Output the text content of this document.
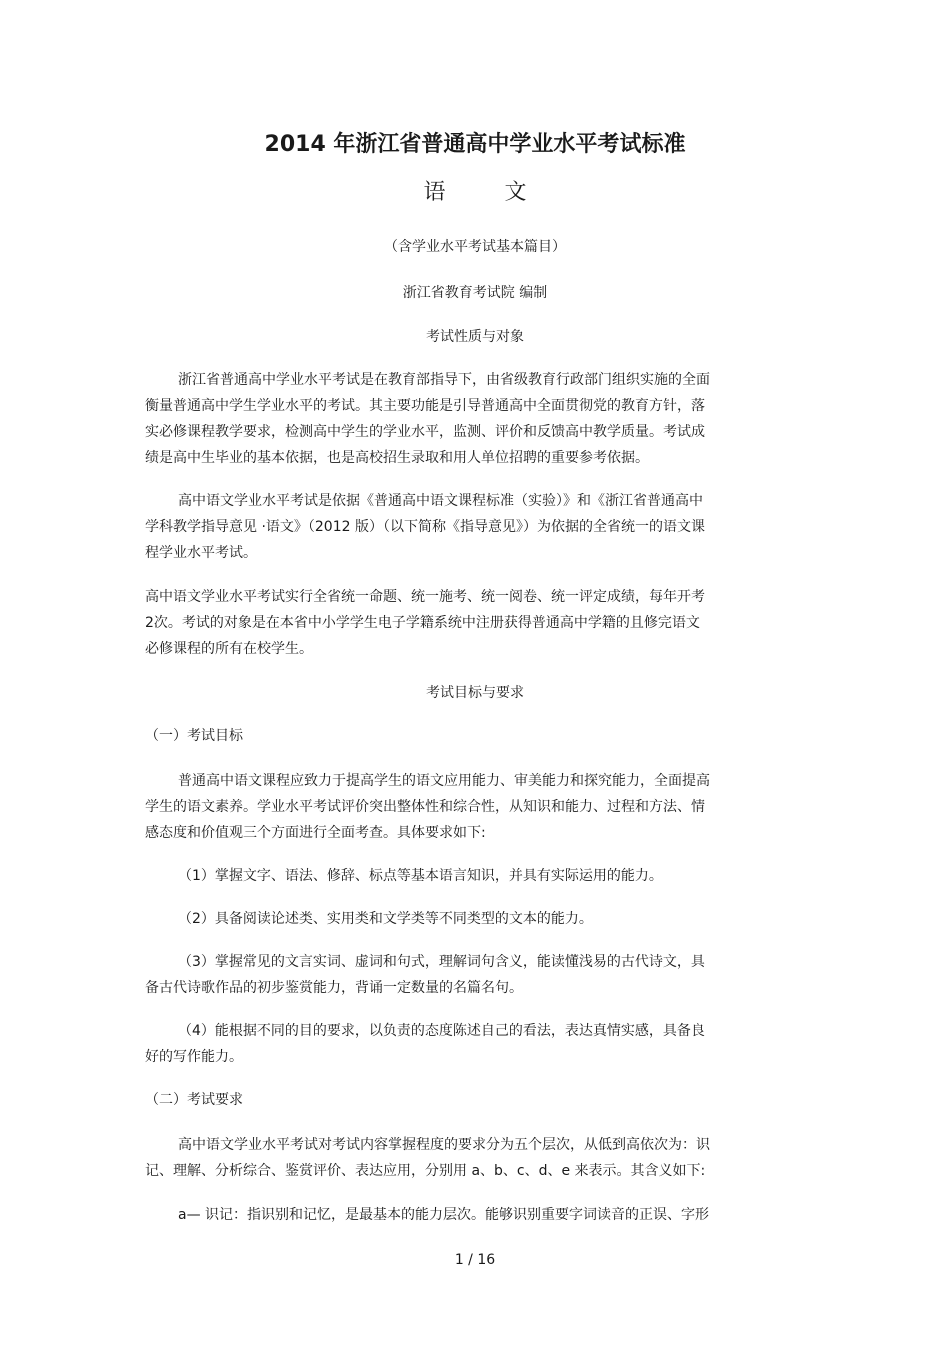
2014 年浙江省普通高中学业水平考试标准
语 文

（含学业水平考试基本篇目）

浙江省教育考试院 编制

考试性质与对象

浙江省普通高中学业水平考试是在教育部指导下，由省级教育行政部门组织实施的全面

衡量普通高中学生学业水平的考试。其主要功能是引导普通高中全面贯彻党的教育方针，落

实必修课程教学要求，检测高中学生的学业水平，监测、评价和反馈高中教学质量。考试成

绩是高中生毕业的基本依据，也是高校招生录取和用人单位招聘的重要参考依据。

高中语文学业水平考试是依据《普通高中语文课程标准（实验）》和《浙江省普通高中

学科教学指导意见 ·语文》（2012 版）（以下简称《指导意见》）为依据的全省统一的语文课

程学业水平考试。

高中语文学业水平考试实行全省统一命题、统一施考、统一阅卷、统一评定成绩，每年开考

2次。考试的对象是在本省中小学学生电子学籍系统中注册获得普通高中学籍的且修完语文

必修课程的所有在校学生。

考试目标与要求

（一）考试目标

普通高中语文课程应致力于提高学生的语文应用能力、审美能力和探究能力，全面提高

学生的语文素养。学业水平考试评价突出整体性和综合性，从知识和能力、过程和方法、情

感态度和价值观三个方面进行全面考查。具体要求如下:

（1）掌握文字、语法、修辞、标点等基本语言知识，并具有实际运用的能力。

（2）具备阅读论述类、实用类和文学类等不同类型的文本的能力。

（3）掌握常见的文言实词、虚词和句式，理解词句含义，能读懂浅易的古代诗文，具

备古代诗歌作品的初步鉴赏能力，背诵一定数量的名篇名句。

（4）能根据不同的目的要求，以负责的态度陈述自己的看法，表达真情实感，具备良

好的写作能力。

（二）考试要求

高中语文学业水平考试对考试内容掌握程度的要求分为五个层次，从低到高依次为：识

记、理解、分析综合、鉴赏评价、表达应用，分别用 a、b、c、d、e 来表示。其含义如下:

a— 识记：指识别和记忆，是最基本的能力层次。能够识别重要字词读音的正误、字形

1 / 16
